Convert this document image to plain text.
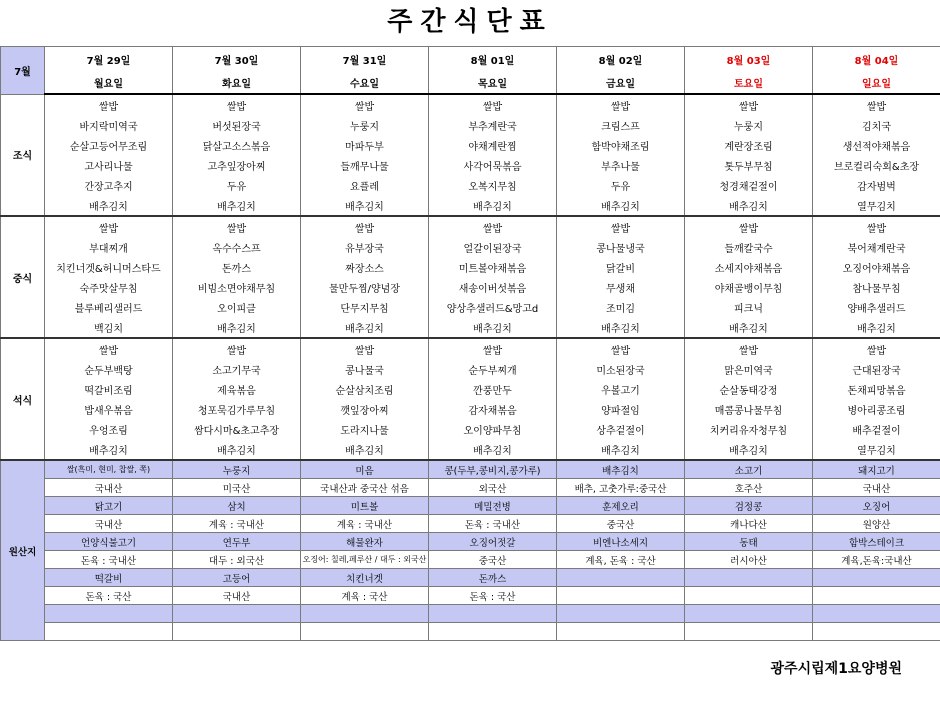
주간식단표
7월	7월 29일	7월 30일	7월 31일	8월 01일	8월 02일	8월 03일	8월 04일
	월요일	화요일	수요일	목요일	금요일	토요일	일요일
조식	쌀밥	쌀밥	쌀밥	쌀밥	쌀밥	쌀밥	쌀밥
	바지락미역국	버섯된장국	누룽지	부추계란국	크림스프	누룽지	김치국
	순살고등어무조림	닭살고소스볶음	마파두부	야채계란찜	함박야채조림	계란장조림	생선적야채볶음
	고사리나물	고추잎장아찌	들깨무나물	사각어묵볶음	부추나물	톳두부무침	브로컬리숙회&초장
	간장고추지	두유	요플레	오복지무침	두유	청경채겉절이	감자범벅
	배추김치	배추김치	배추김치	배추김치	배추김치	배추김치	열무김치
중식	쌀밥	쌀밥	쌀밥	쌀밥	쌀밥	쌀밥	쌀밥
	부대찌개	옥수수스프	유부장국	얼갈이된장국	콩나물냉국	들깨칼국수	북어채계란국
	치킨너겟&허니머스타드	돈까스	짜장소스	미트볼야채볶음	닭갈비	소세지야채볶음	오징어야채볶음
	숙주맛살무침	비빔소면야채무침	물만두찜/양념장	새송이버섯볶음	무생채	야채골뱅이무침	참나물무침
	블루베리샐러드	오이피클	단무지무침	양상추샐러드&망고d	조미김	피크닉	양배추샐러드
	백김치	배추김치	배추김치	배추김치	배추김치	배추김치	배추김치
석식	쌀밥	쌀밥	쌀밥	쌀밥	쌀밥	쌀밥	쌀밥
	순두부백탕	소고기무국	콩나물국	순두부찌개	미소된장국	맑은미역국	근대된장국
	떡갈비조림	제육볶음	순살삼치조림	깐풍만두	우볼고기	순살동태강정	돈채피망볶음
	밥새우볶음	청포묵김가루무침	깻잎장아찌	감자채볶음	양파절임	매콤콩나물무침	병아리콩조림
	우엉조림	쌈다시마&초고추장	도라지나물	오이양파무침	상추겉절이	치커리유자청무침	배추겉절이
	배추김치	배추김치	배추김치	배추김치	배추김치	배추김치	열무김치
원산지	쌀(흑미, 현미, 찹쌀, 쪽)	누룽지	미음	콩(두부,콩비지,콩가루)	배추김치	소고기	돼지고기
	국내산	미국산	국내산과 중국산 섞음	외국산	배추, 고춧가루:중국산	호주산	국내산
	닭고기	삼치	미트볼	메밀전병	훈제오리	검정콩	오징어
	국내산	계육 : 국내산	계육 : 국내산	돈육 : 국내산	중국산	캐나다산	원양산
	언양식불고기	연두부	해물완자	오징어젓갈	비엔나소세지	동태	함박스테이크
	돈육 : 국내산	대두 : 외국산	오징어: 칠레,페루산 / 대두 : 외국산	중국산	계육, 돈육 : 국산	러시아산	계육,돈육:국내산
	떡갈비	고등어	치킨너겟	돈까스			
	돈육 : 국산	국내산	계육 : 국산	돈육 : 국산			

광주시립제1요양병원
